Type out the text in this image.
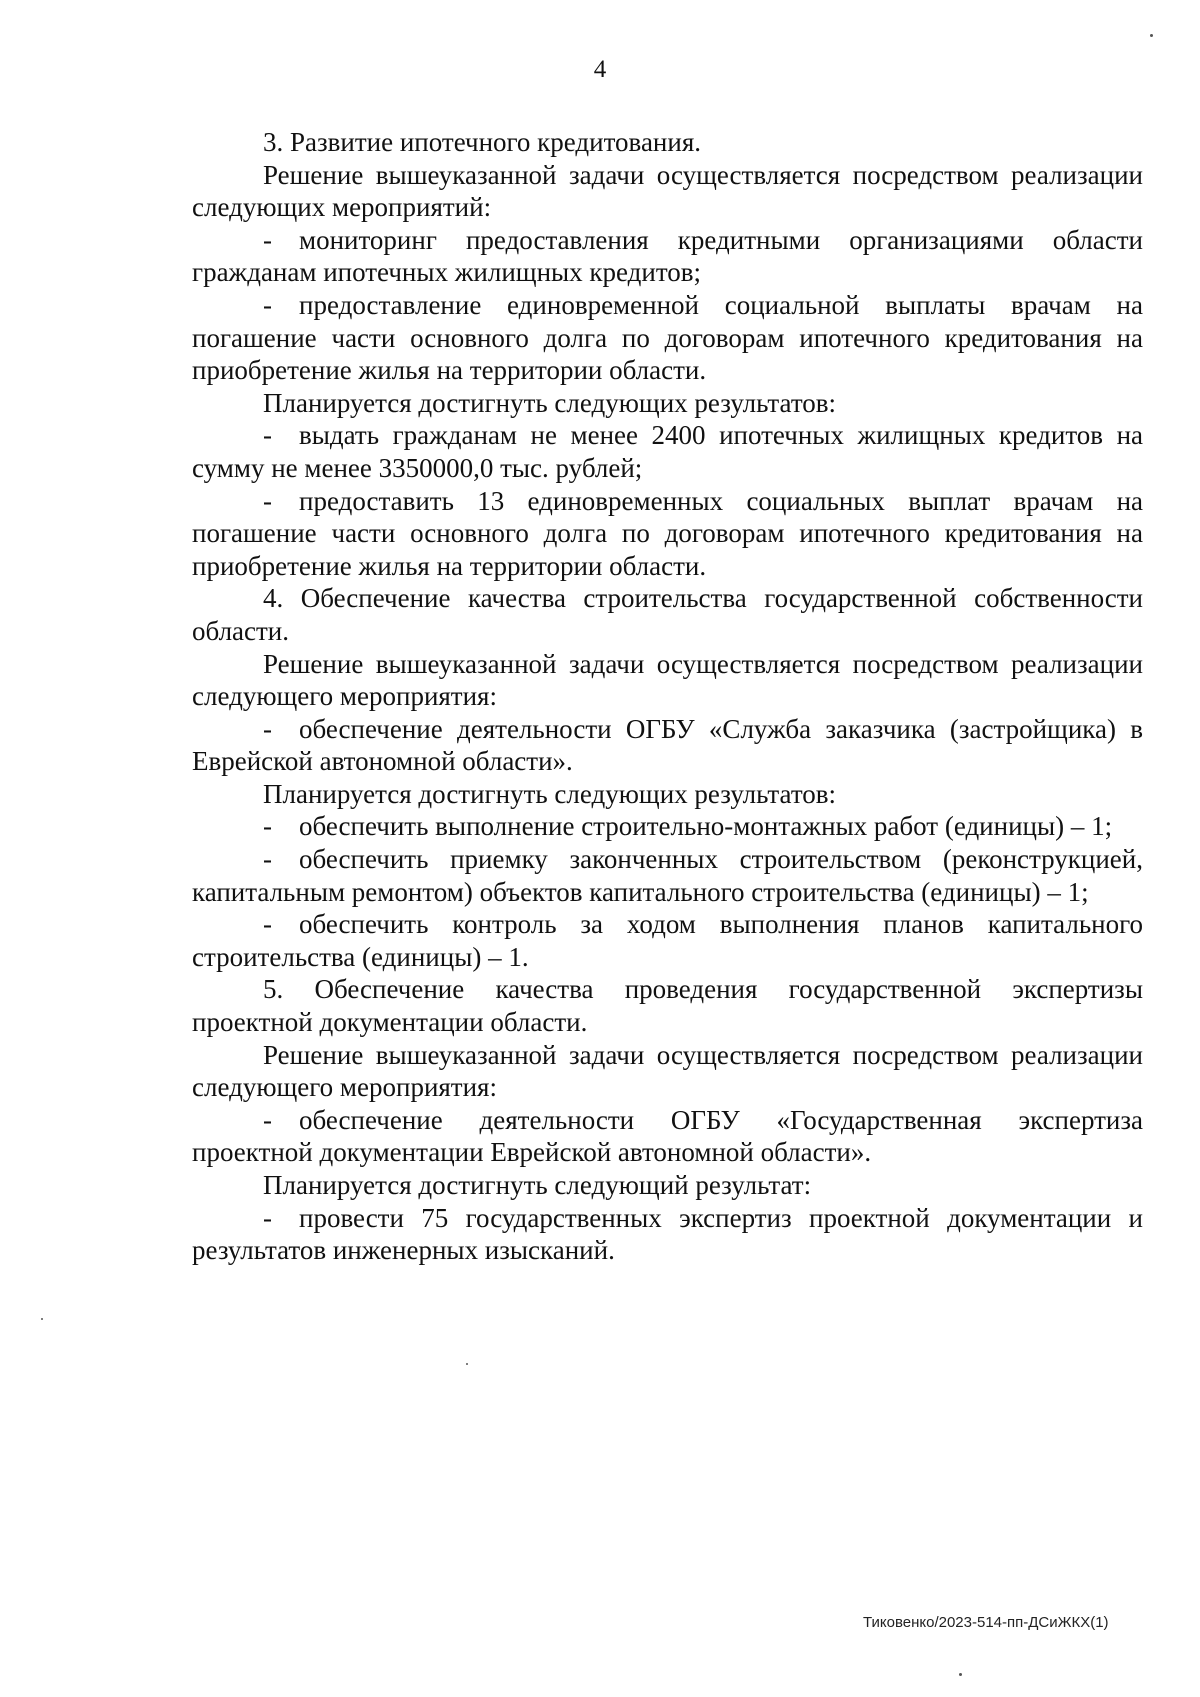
4

3. Развитие ипотечного кредитования.

Решение вышеуказанной задачи осуществляется посредством реализации следующих мероприятий:

- мониторинг предоставления кредитными организациями области гражданам ипотечных жилищных кредитов;

- предоставление единовременной социальной выплаты врачам на погашение части основного долга по договорам ипотечного кредитования на приобретение жилья на территории области.

Планируется достигнуть следующих результатов:

- выдать гражданам не менее 2400 ипотечных жилищных кредитов на сумму не менее 3350000,0 тыс. рублей;

- предоставить 13 единовременных социальных выплат врачам на погашение части основного долга по договорам ипотечного кредитования на приобретение жилья на территории области.

4. Обеспечение качества строительства государственной собственности области.

Решение вышеуказанной задачи осуществляется посредством реализации следующего мероприятия:

- обеспечение деятельности ОГБУ «Служба заказчика (застройщика) в Еврейской автономной области».

Планируется достигнуть следующих результатов:

- обеспечить выполнение строительно-монтажных работ (единицы) – 1;

- обеспечить приемку законченных строительством (реконструкцией, капитальным ремонтом) объектов капитального строительства (единицы) – 1;

- обеспечить контроль за ходом выполнения планов капитального строительства (единицы) – 1.

5. Обеспечение качества проведения государственной экспертизы проектной документации области.

Решение вышеуказанной задачи осуществляется посредством реализации следующего мероприятия:

- обеспечение деятельности ОГБУ «Государственная экспертиза проектной документации Еврейской автономной области».

Планируется достигнуть следующий результат:

- провести 75 государственных экспертиз проектной документации и результатов инженерных изысканий.

Тиковенко/2023-514-пп-ДСиЖКХ(1)
